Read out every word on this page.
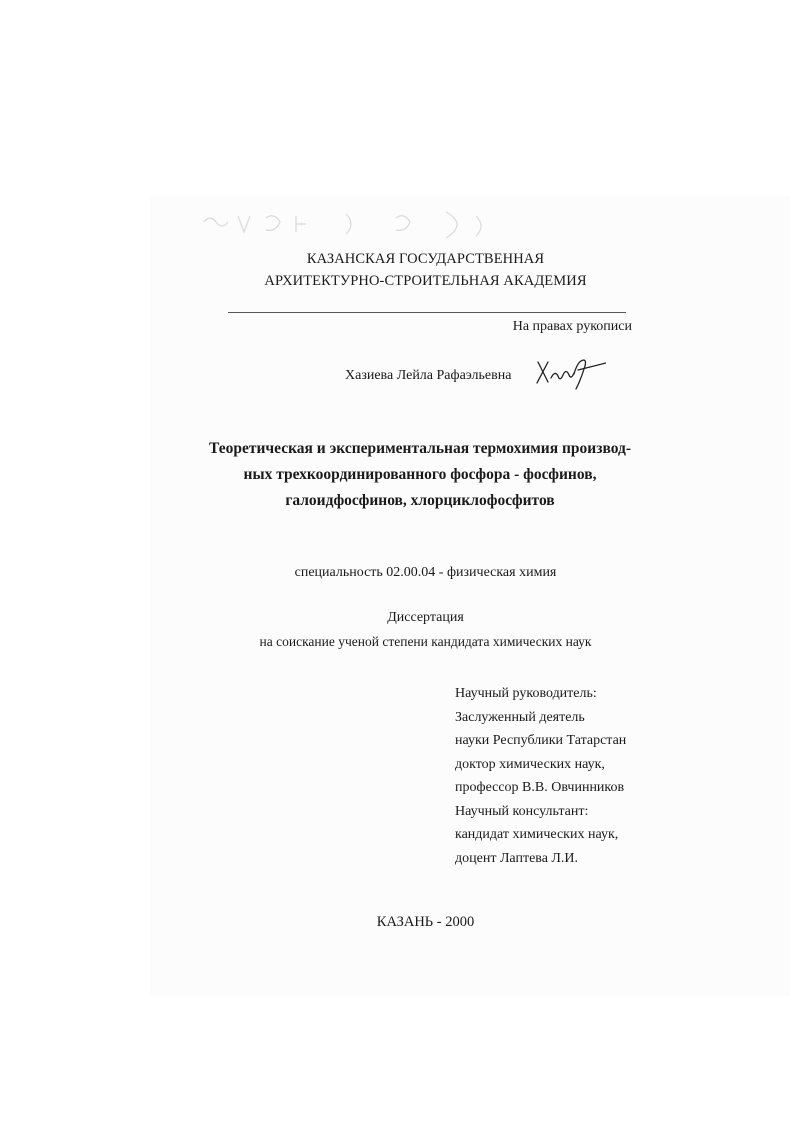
КАЗАНСКАЯ ГОСУДАРСТВЕННАЯ
АРХИТЕКТУРНО-СТРОИТЕЛЬНАЯ АКАДЕМИЯ
На правах рукописи
Хазиева Лейла Рафаэльевна
Теоретическая и экспериментальная термохимия производ-
ных трехкоординированного фосфора - фосфинов,
галоидфосфинов, хлорциклофосфитов
специальность 02.00.04 - физическая химия
Диссертация
на соискание ученой степени кандидата химических наук
Научный руководитель:
Заслуженный деятель
науки Республики Татарстан
доктор химических наук,
профессор В.В. Овчинников
Научный консультант:
кандидат химических наук,
доцент Лаптева Л.И.
КАЗАНЬ - 2000
